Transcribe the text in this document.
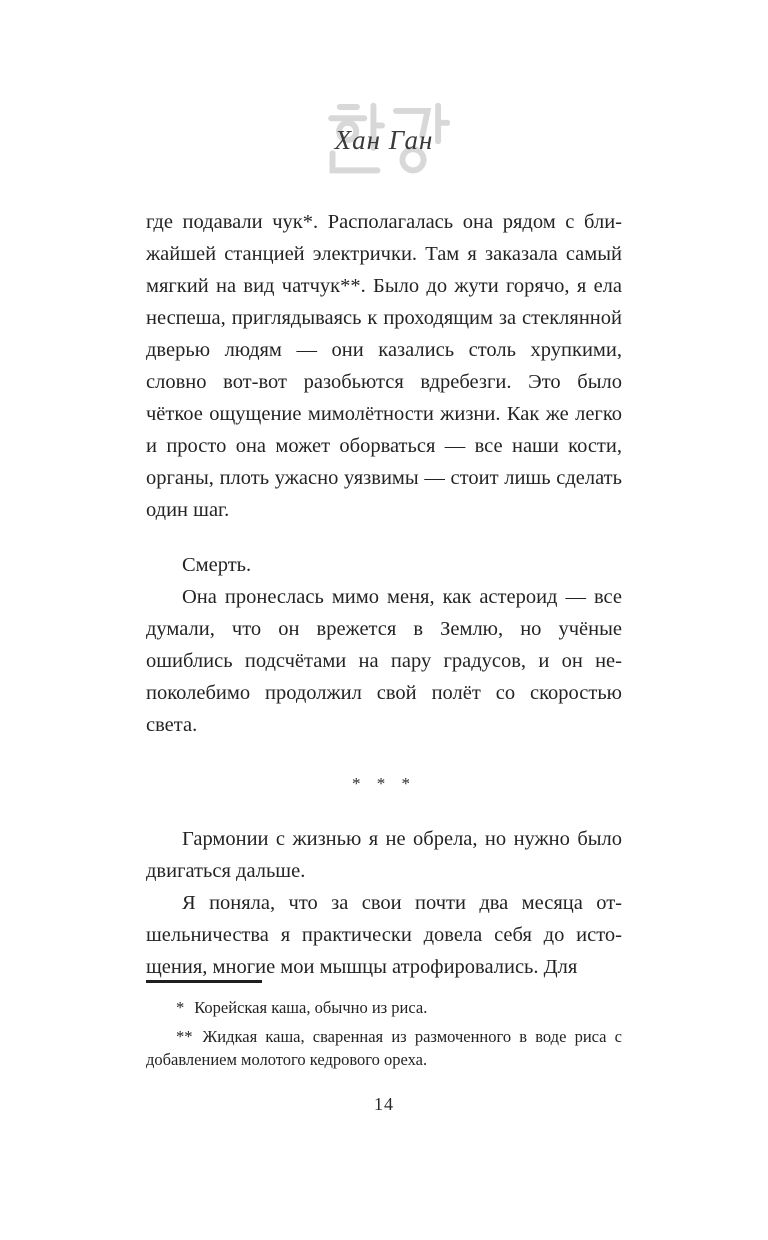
Хан Ган

где подавали чук*. Располагалась она рядом с ближайшей станцией электрички. Там я заказала самый мягкий на вид чатчук**. Было до жути горячо, я ела неспеша, приглядываясь к проходящим за стеклянной дверью людям — они казались столь хрупкими, словно вот-вот разобьются вдребезги. Это было чёткое ощущение мимолётности жизни. Как же легко и просто она может оборваться — все наши кости, органы, плоть ужасно уязвимы — стоит лишь сделать один шаг.

Смерть.

Она пронеслась мимо меня, как астероид — все думали, что он врежется в Землю, но учёные ошиблись подсчётами на пару градусов, и он непоколебимо продолжил свой полёт со скоростью света.

* * *

Гармонии с жизнью я не обрела, но нужно было двигаться дальше.

Я поняла, что за свои почти два месяца отшельничества я практически довела себя до истощения, многие мои мышцы атрофировались. Для

* Корейская каша, обычно из риса.

** Жидкая каша, сваренная из размоченного в воде риса с добавлением молотого кедрового ореха.

14
